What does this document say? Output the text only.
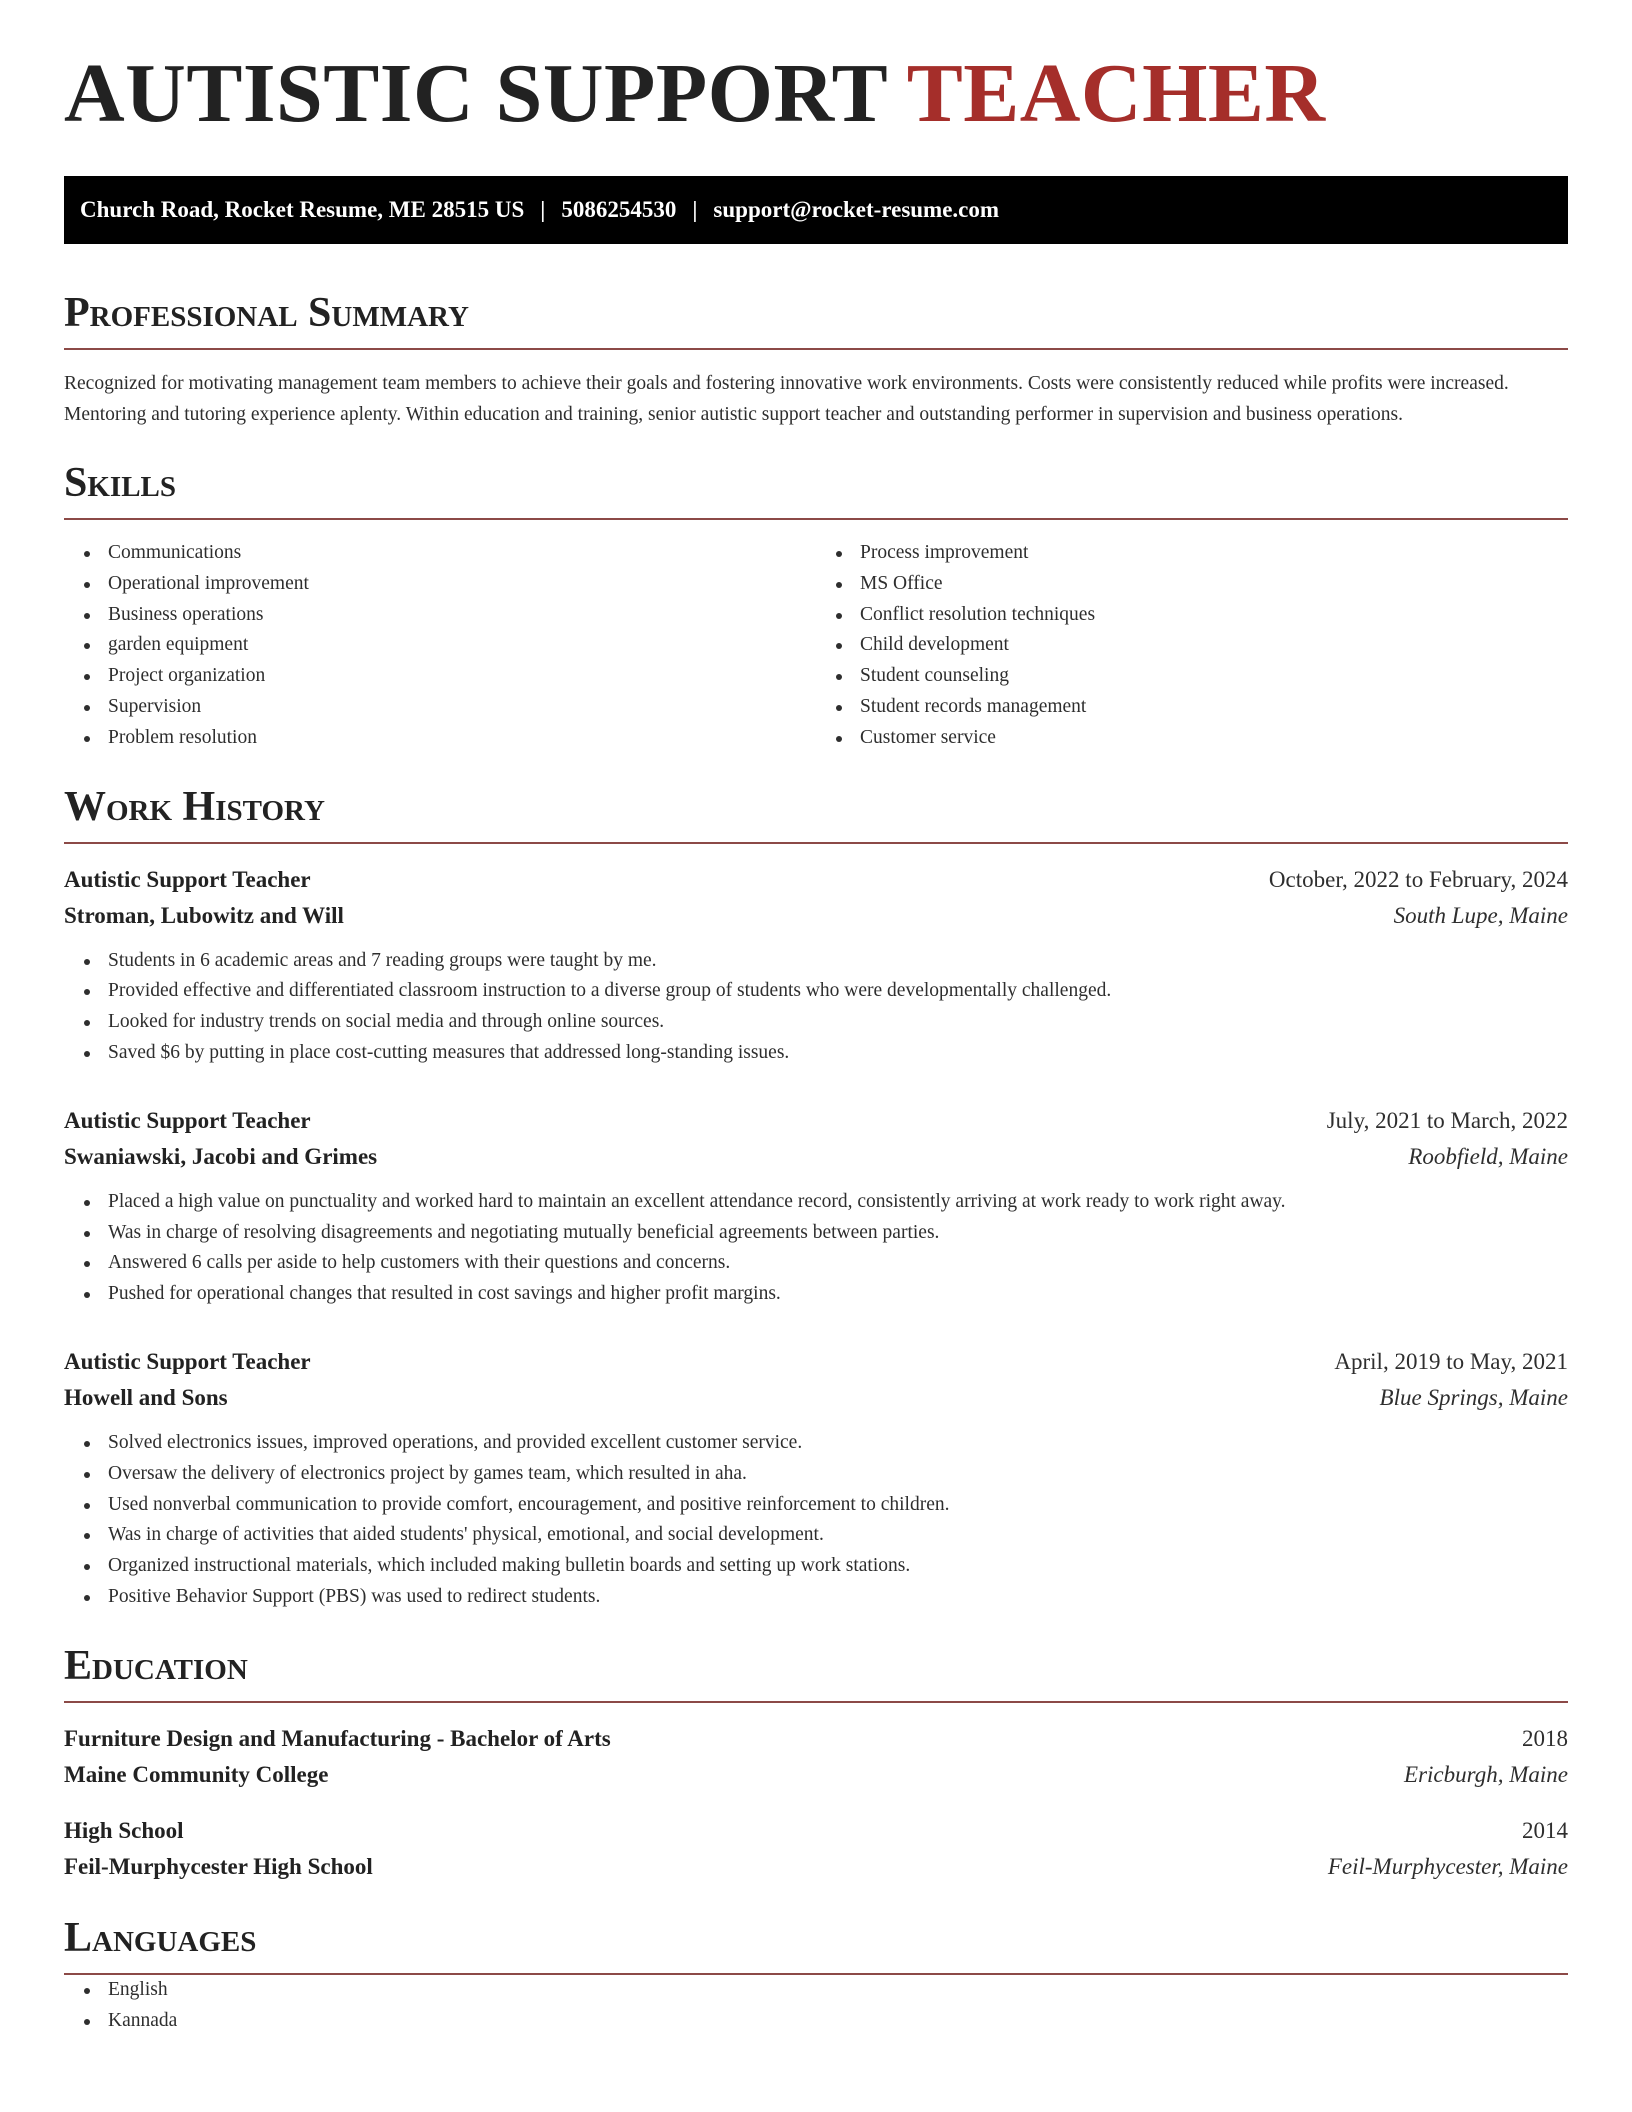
AUTISTIC SUPPORT TEACHER
Church Road, Rocket Resume, ME 28515 US | 5086254530 | support@rocket-resume.com
Professional Summary

Recognized for motivating management team members to achieve their goals and fostering innovative work environments. Costs were consistently reduced while profits were increased. Mentoring and tutoring experience aplenty. Within education and training, senior autistic support teacher and outstanding performer in supervision and business operations.

Skills
Communications
Operational improvement
Business operations
garden equipment
Project organization
Supervision
Problem resolution
Process improvement
MS Office
Conflict resolution techniques
Child development
Student counseling
Student records management
Customer service
Work History
Autistic Support Teacher	October, 2022 to February, 2024
Stroman, Lubowitz and Will	South Lupe, Maine
Students in 6 academic areas and 7 reading groups were taught by me.
Provided effective and differentiated classroom instruction to a diverse group of students who were developmentally challenged.
Looked for industry trends on social media and through online sources.
Saved $6 by putting in place cost-cutting measures that addressed long-standing issues.
Autistic Support Teacher	July, 2021 to March, 2022
Swaniawski, Jacobi and Grimes	Roobfield, Maine
Placed a high value on punctuality and worked hard to maintain an excellent attendance record, consistently arriving at work ready to work right away.
Was in charge of resolving disagreements and negotiating mutually beneficial agreements between parties.
Answered 6 calls per aside to help customers with their questions and concerns.
Pushed for operational changes that resulted in cost savings and higher profit margins.
Autistic Support Teacher	April, 2019 to May, 2021
Howell and Sons	Blue Springs, Maine
Solved electronics issues, improved operations, and provided excellent customer service.
Oversaw the delivery of electronics project by games team, which resulted in aha.
Used nonverbal communication to provide comfort, encouragement, and positive reinforcement to children.
Was in charge of activities that aided students' physical, emotional, and social development.
Organized instructional materials, which included making bulletin boards and setting up work stations.
Positive Behavior Support (PBS) was used to redirect students.
Education
Furniture Design and Manufacturing - Bachelor of Arts	2018
Maine Community College	Ericburgh, Maine
High School	2014
Feil-Murphycester High School	Feil-Murphycester, Maine
Languages
English
Kannada
